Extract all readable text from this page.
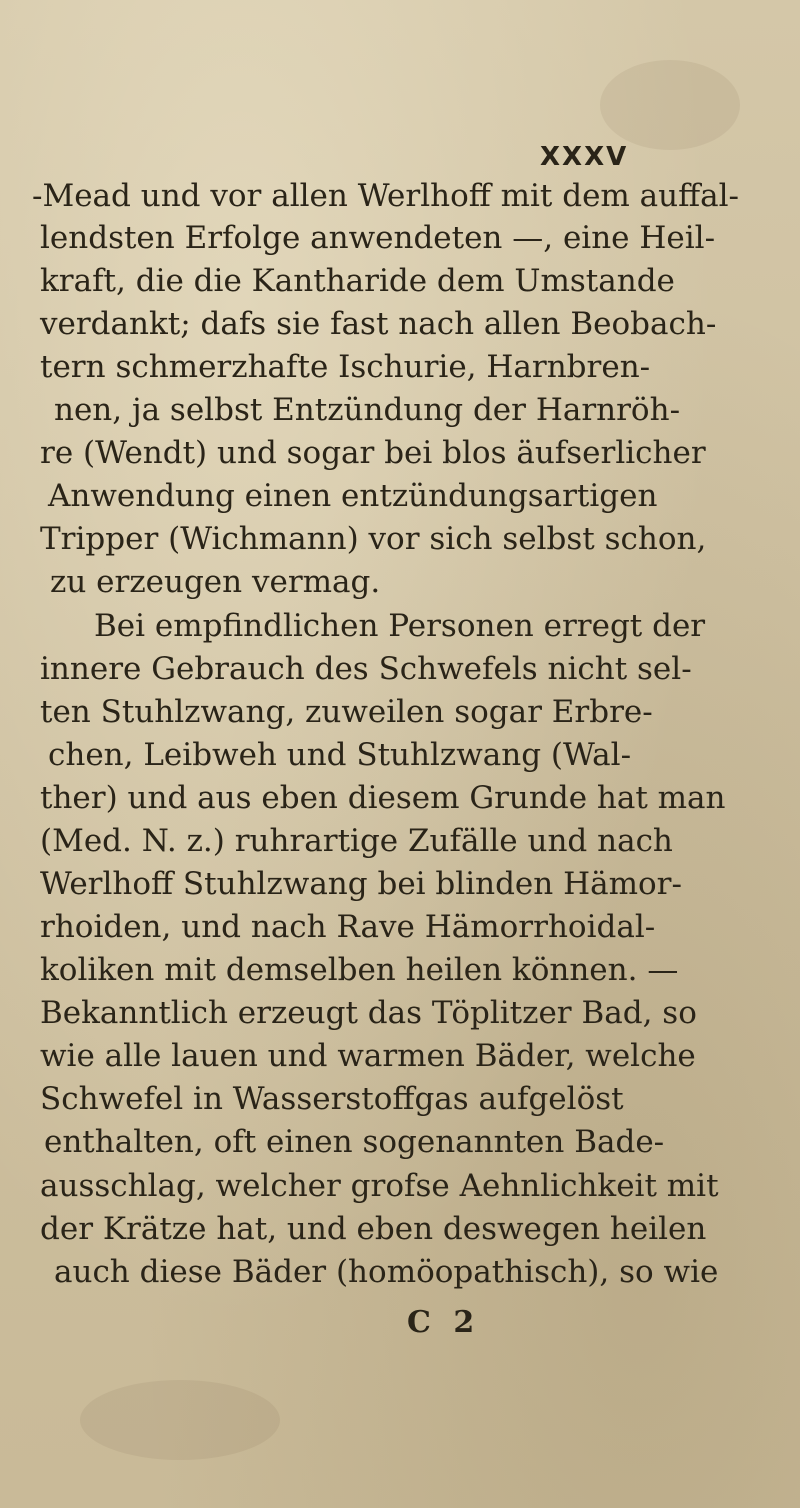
XXXV
-Mead und vor allen Werlhoff mit dem auffal-
lendsten Erfolge anwendeten —, eine Heil-
kraft, die die Kantharide dem Umstande
verdankt; dafs sie fast nach allen Beobach-
tern schmerzhafte Ischurie, Harnbren-
nen, ja selbst Entzündung der Harnröh-
re (Wendt) und sogar bei blos äufserlicher
Anwendung einen entzündungsartigen
Tripper (Wichmann) vor sich selbst schon,
zu erzeugen vermag.
Bei empfindlichen Personen erregt der
innere Gebrauch des Schwefels nicht sel-
ten Stuhlzwang, zuweilen sogar Erbre-
chen, Leibweh und Stuhlzwang (Wal-
ther) und aus eben diesem Grunde hat man
(Med. N. z.) ruhrartige Zufälle und nach
Werlhoff Stuhlzwang bei blinden Hämor-
rhoiden, und nach Rave Hämorrhoidal-
koliken mit demselben heilen können. —
Bekanntlich erzeugt das Töplitzer Bad, so
wie alle lauen und warmen Bäder, welche
Schwefel in Wasserstoffgas aufgelöst
enthalten, oft einen sogenannten Bade-
ausschlag, welcher grofse Aehnlichkeit mit
der Krätze hat, und eben deswegen heilen
auch diese Bäder (homöopathisch), so wie
C 2
